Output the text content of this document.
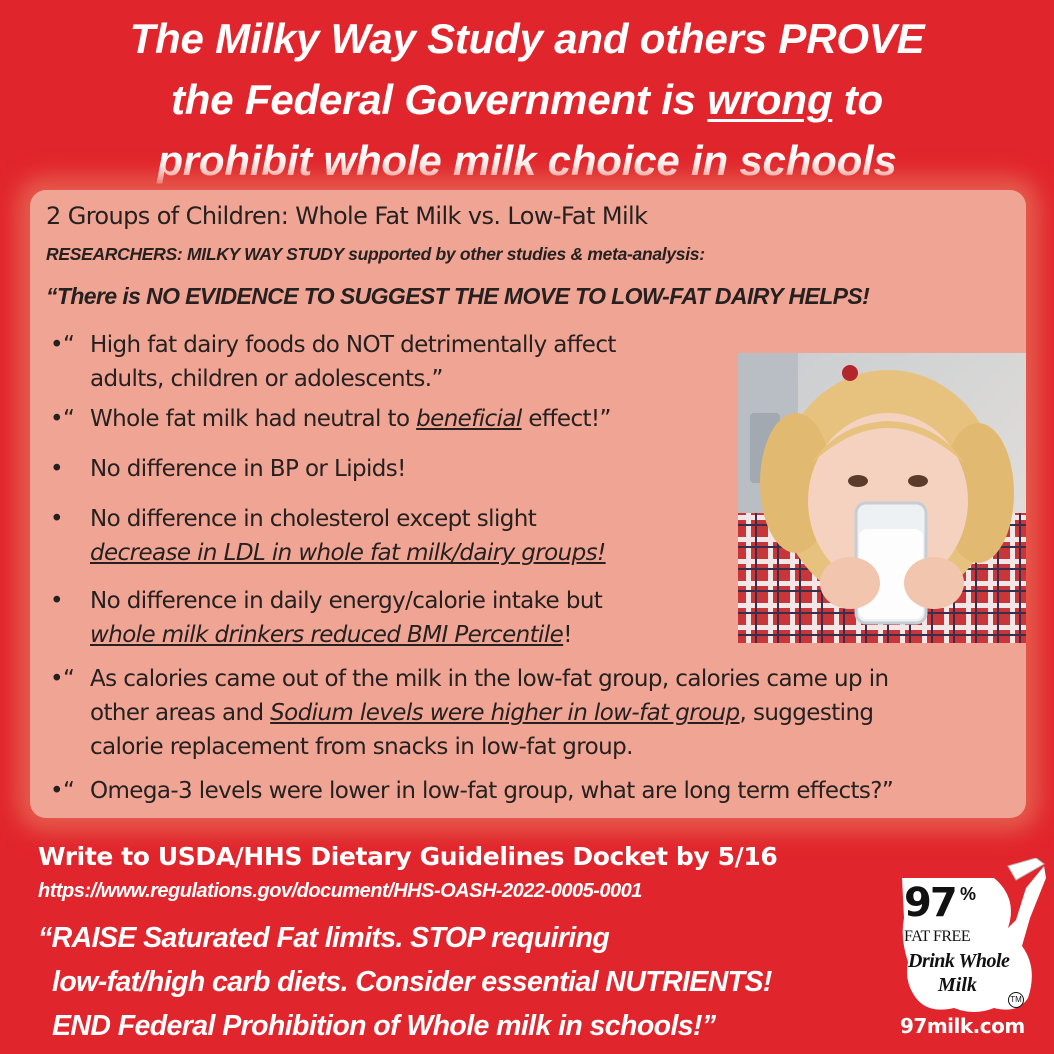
The Milky Way Study and others PROVE
the Federal Government is wrong to
prohibit whole milk choice in schools
2 Groups of Children: Whole Fat Milk vs. Low-Fat Milk
RESEARCHERS: MILKY WAY STUDY supported by other studies & meta-analysis:
“There is NO EVIDENCE TO SUGGEST THE MOVE TO LOW-FAT DAIRY HELPS!
•“ High fat dairy foods do NOT detrimentally affect
adults, children or adolescents.”
•“ Whole fat milk had neutral to beneficial effect!”
•	No difference in BP or Lipids!
•	No difference in cholesterol except slight
decrease in LDL in whole fat milk/dairy groups!
•	No difference in daily energy/calorie intake but
whole milk drinkers reduced BMI Percentile!
•“ As calories came out of the milk in the low-fat group, calories came up in
other areas and Sodium levels were higher in low-fat group, suggesting
calorie replacement from snacks in low-fat group.
•“ Omega-3 levels were lower in low-fat group, what are long term effects?”
Write to USDA/HHS Dietary Guidelines Docket by 5/16
https://www.regulations.gov/document/HHS-OASH-2022-0005-0001
“RAISE Saturated Fat limits. STOP requiring
low-fat/high carb diets. Consider essential NUTRIENTS!
END Federal Prohibition of Whole milk in schools!”
97 %
FAT FREE
Drink Whole
Milk
TM
97milk.com
